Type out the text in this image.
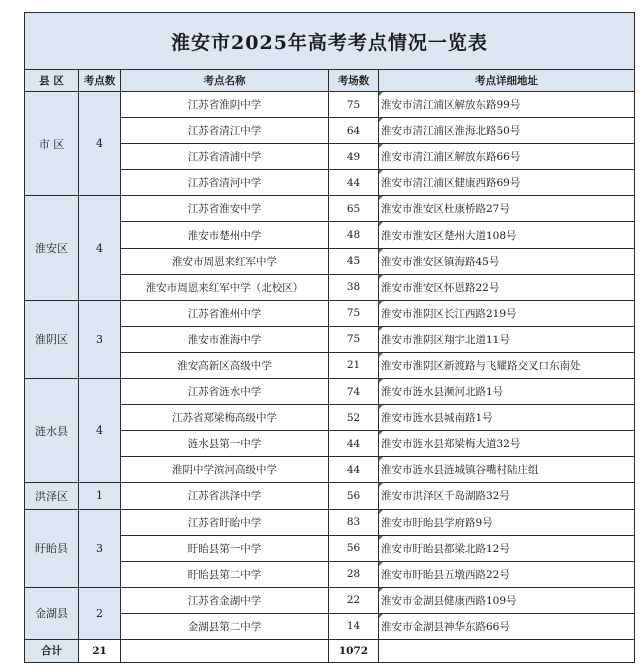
淮安市2025年高考考点情况一览表				
县 区	考点数	考点名称	考场数	考点详细地址
市 区	4	江苏省淮阴中学	75	淮安市清江浦区解放东路99号
		江苏省清江中学	64	淮安市清江浦区淮海北路50号
		江苏省清浦中学	49	淮安市清江浦区解放东路66号
		江苏省清河中学	44	淮安市清江浦区健康西路69号
淮安区	4	江苏省淮安中学	65	淮安市淮安区杜康桥路27号
		淮安市楚州中学	48	淮安市淮安区楚州大道108号
		淮安市周恩来红军中学	45	淮安市淮安区镇海路45号
		淮安市周恩来红军中学（北校区）	38	淮安市淮安区怀恩路22号
淮阴区	3	江苏省淮州中学	75	淮安市淮阴区长江西路219号
		淮安市淮海中学	75	淮安市淮阴区翔宇北道11号
		淮安高新区高级中学	21	淮安市淮阴区新渡路与飞耀路交叉口东南处
涟水县	4	江苏省涟水中学	74	淮安市涟水县濒河北路1号
		江苏省郑梁梅高级中学	52	淮安市涟水县城南路1号
		涟水县第一中学	44	淮安市涟水县郑梁梅大道32号
		淮阴中学滨河高级中学	44	淮安市涟水县涟城镇谷嘴村陆庄组
洪泽区	1	江苏省洪泽中学	56	淮安市洪泽区千岛湖路32号
盱眙县	3	江苏省盱眙中学	83	淮安市盱眙县学府路9号
		盱眙县第一中学	56	淮安市盱眙县都梁北路12号
		盱眙县第二中学	28	淮安市盱眙县五墩西路22号
金湖县	2	江苏省金湖中学	22	淮安市金湖县健康西路109号
		金湖县第二中学	14	淮安市金湖县神华东路66号
合计	21		1072	
